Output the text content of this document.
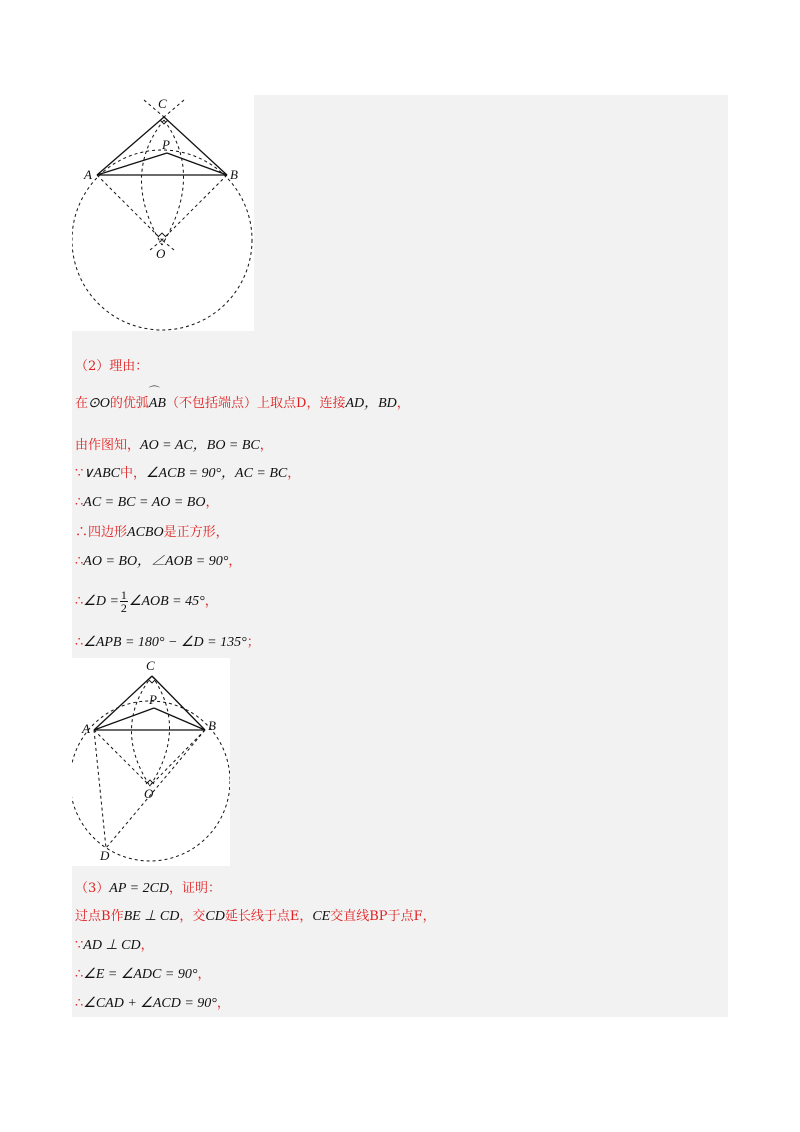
C
P
A	B
O
（2）理由：
在⊙O的优弧⌒ AB（不包括端点）上取点D，连接AD，BD，
由作图知，AO = AC，BO = BC，
∵∨ABC中，∠ACB = 90°，AC = BC，
∴AC = BC = AO = BO，
∴四边形ACBO是正方形，
∴AO = BO，∠AOB = 90°，
∴∠D = $\frac{1}{2}$ ∠AOB = 45°，
∴∠APB = 180° − ∠D = 135°；
C
P
A	B
O
D
（3）AP = 2CD，证明：
过点B作BE ⊥ CD，交CD延长线于点E，CE交直线BP于点F，
∵AD ⊥ CD，
∴∠E = ∠ADC = 90°，
∴∠CAD + ∠ACD = 90°，
